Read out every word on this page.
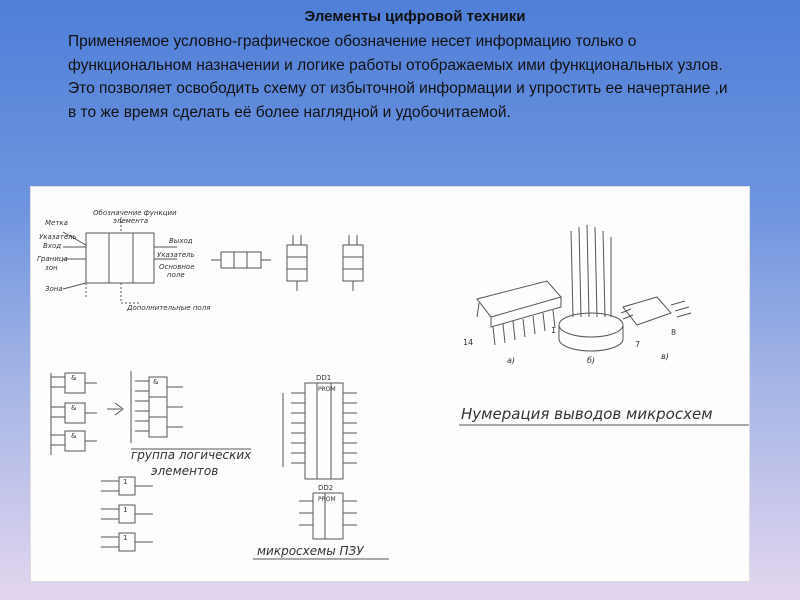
Элементы цифровой техники
Применяемое условно-графическое обозначение несет информацию только о функциональном назначении и логике работы отображаемых ими функциональных узлов. Это позволяет освободить схему от избыточной информации и упростить ее начертание ,и в то же время сделать её более наглядной и удобочитаемой.
Метка
Обозначение функции
элемента
Указатель
Вход
Граница
зон
Зона
Выход
Указатель
Основное
поле
Дополнительные поля
&
&
&
&
1
1
1
группа логических
элементов
DD1
PROM
DD2
PROM
микросхемы ПЗУ
14
1
а)	б)	в)
8
7
Нумерация выводов микросхем
